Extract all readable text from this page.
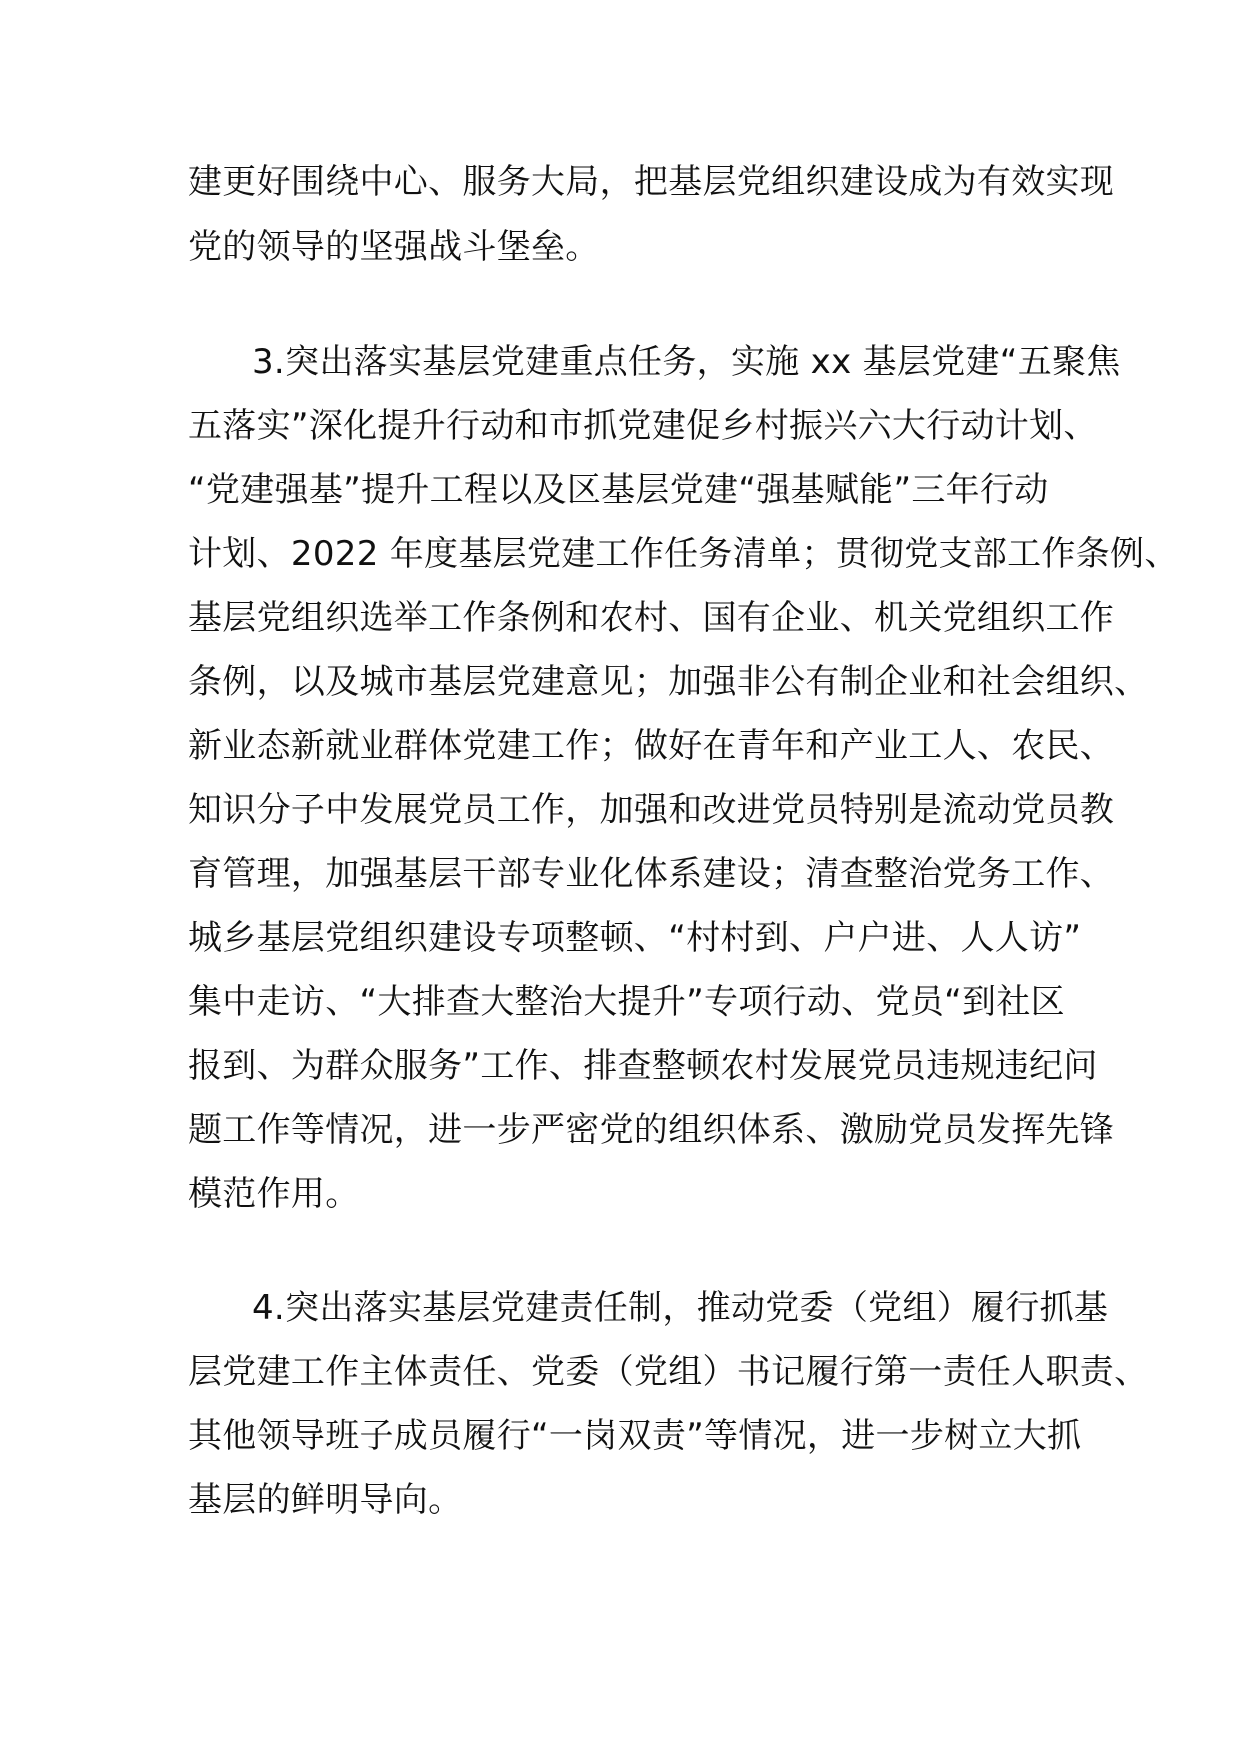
建更好围绕中心、服务大局，把基层党组织建设成为有效实现
党的领导的坚强战斗堡垒。
3.突出落实基层党建重点任务，实施 xx 基层党建“五聚焦
五落实”深化提升行动和市抓党建促乡村振兴六大行动计划、
“党建强基”提升工程以及区基层党建“强基赋能”三年行动
计划、2022 年度基层党建工作任务清单；贯彻党支部工作条例、
基层党组织选举工作条例和农村、国有企业、机关党组织工作
条例，以及城市基层党建意见；加强非公有制企业和社会组织、
新业态新就业群体党建工作；做好在青年和产业工人、农民、
知识分子中发展党员工作，加强和改进党员特别是流动党员教
育管理，加强基层干部专业化体系建设；清查整治党务工作、
城乡基层党组织建设专项整顿、“村村到、户户进、人人访”
集中走访、“大排查大整治大提升”专项行动、党员“到社区
报到、为群众服务”工作、排查整顿农村发展党员违规违纪问
题工作等情况，进一步严密党的组织体系、激励党员发挥先锋
模范作用。
4.突出落实基层党建责任制，推动党委（党组）履行抓基
层党建工作主体责任、党委（党组）书记履行第一责任人职责、
其他领导班子成员履行“一岗双责”等情况，进一步树立大抓
基层的鲜明导向。
